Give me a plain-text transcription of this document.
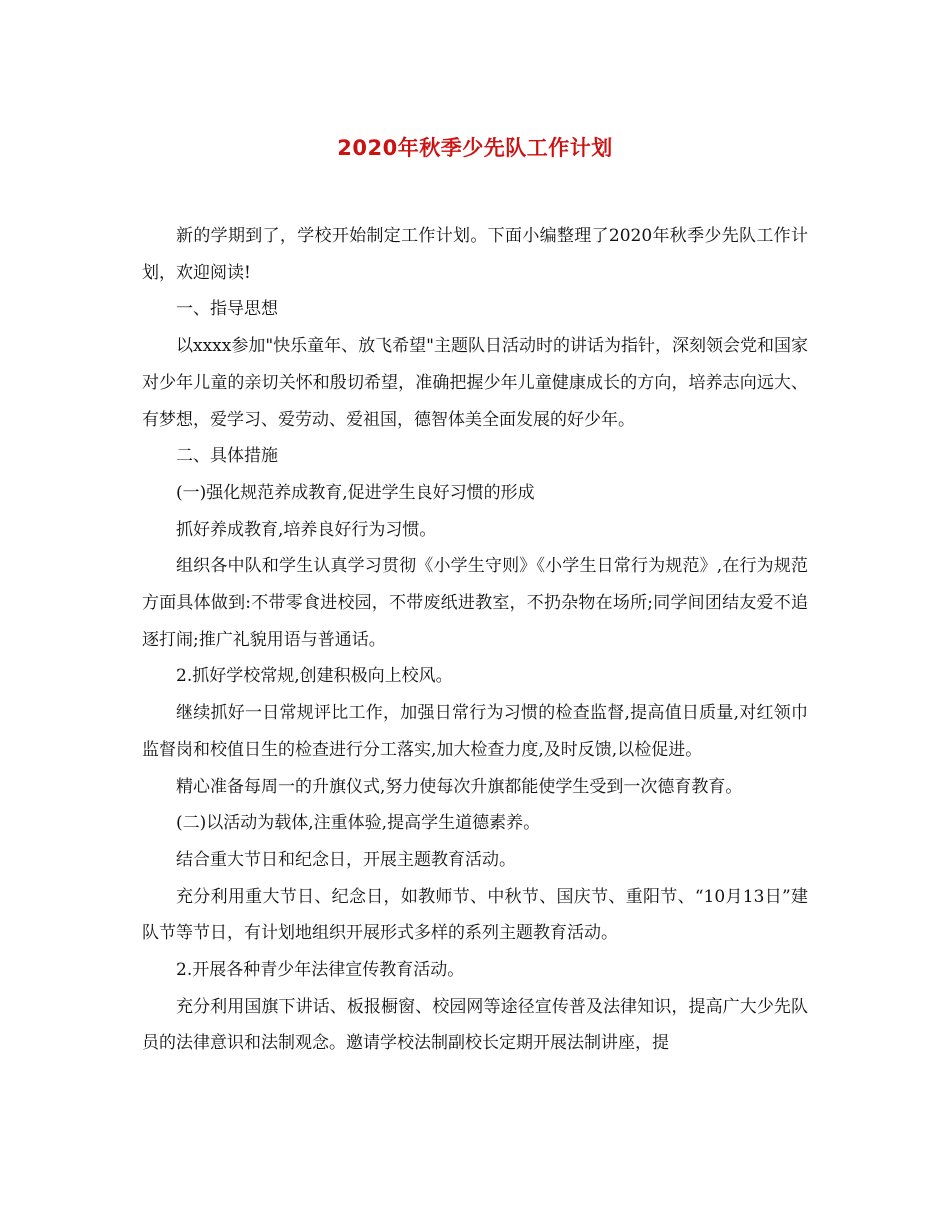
2020年秋季少先队工作计划

新的学期到了，学校开始制定工作计划。下面小编整理了2020年秋季少先队工作计划，欢迎阅读!

一、指导思想

以xxxx参加"快乐童年、放飞希望"主题队日活动时的讲话为指针，深刻领会党和国家对少年儿童的亲切关怀和殷切希望，准确把握少年儿童健康成长的方向，培养志向远大、有梦想，爱学习、爱劳动、爱祖国，德智体美全面发展的好少年。

二、具体措施

(一)强化规范养成教育,促进学生良好习惯的形成

抓好养成教育,培养良好行为习惯。

组织各中队和学生认真学习贯彻《小学生守则》《小学生日常行为规范》,在行为规范方面具体做到:不带零食进校园，不带废纸进教室，不扔杂物在场所;同学间团结友爱不追逐打闹;推广礼貌用语与普通话。

2.抓好学校常规,创建积极向上校风。

继续抓好一日常规评比工作，加强日常行为习惯的检查监督,提高值日质量,对红领巾监督岗和校值日生的检查进行分工落实,加大检查力度,及时反馈,以检促进。

精心准备每周一的升旗仪式,努力使每次升旗都能使学生受到一次德育教育。

(二)以活动为载体,注重体验,提高学生道德素养。

结合重大节日和纪念日，开展主题教育活动。

充分利用重大节日、纪念日，如教师节、中秋节、国庆节、重阳节、“10月13日”建队节等节日，有计划地组织开展形式多样的系列主题教育活动。

2.开展各种青少年法律宣传教育活动。

充分利用国旗下讲话、板报橱窗、校园网等途径宣传普及法律知识，提高广大少先队员的法律意识和法制观念。邀请学校法制副校长定期开展法制讲座，提
